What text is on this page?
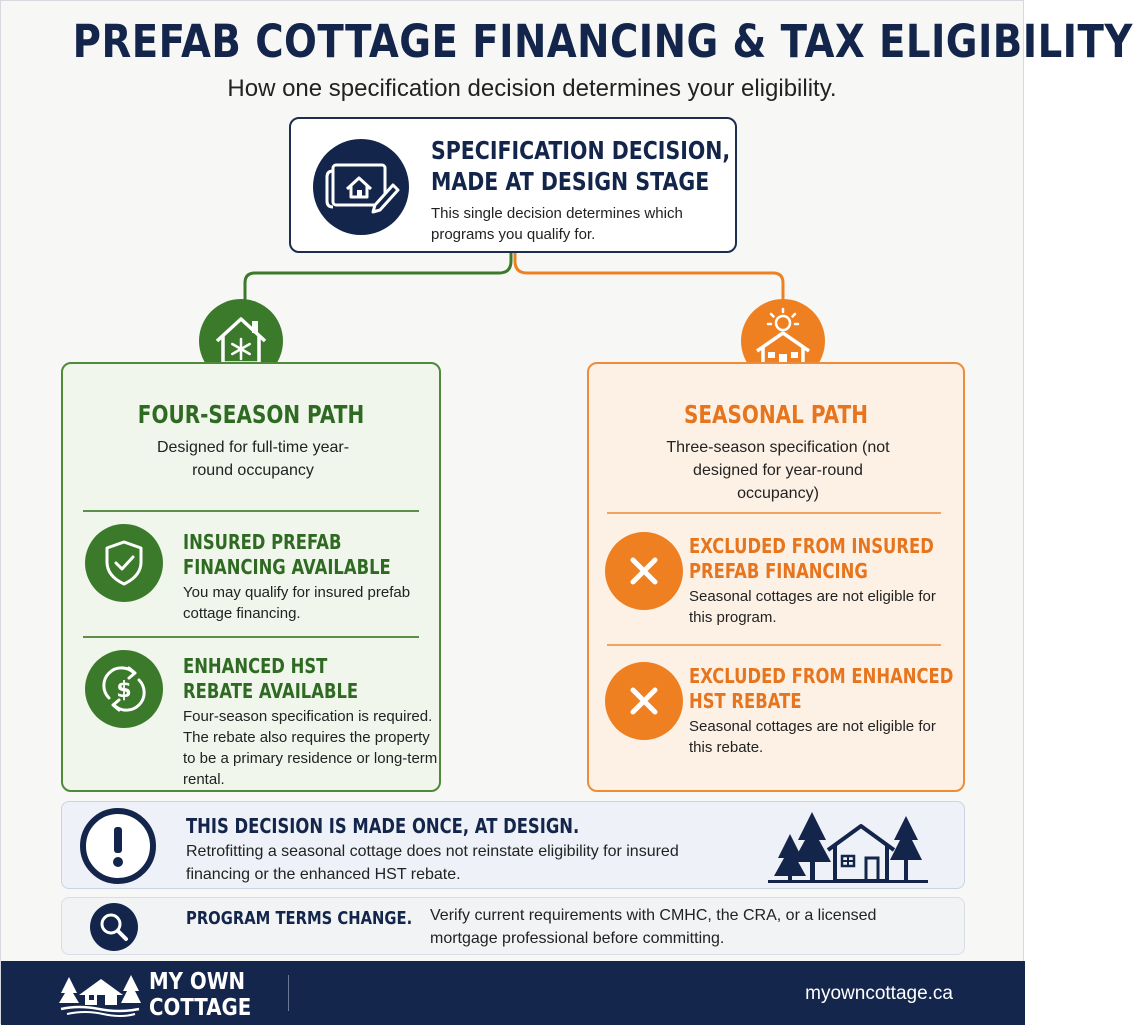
PREFAB COTTAGE FINANCING & TAX ELIGIBILITY
How one specification decision determines your eligibility.
SPECIFICATION DECISION,
MADE AT DESIGN STAGE
This single decision determines which programs you qualify for.
FOUR-SEASON PATH
Designed for full-time year-round occupancy
INSURED PREFAB
FINANCING AVAILABLE
You may qualify for insured prefab cottage financing.
$
ENHANCED HST
REBATE AVAILABLE
Four-season specification is required. The rebate also requires the property to be a primary residence or long-term rental.
SEASONAL PATH
Three-season specification (not designed for year-round occupancy)
EXCLUDED FROM INSURED
PREFAB FINANCING
Seasonal cottages are not eligible for this program.
EXCLUDED FROM ENHANCED
HST REBATE
Seasonal cottages are not eligible for this rebate.
THIS DECISION IS MADE ONCE, AT DESIGN.
Retrofitting a seasonal cottage does not reinstate eligibility for insured financing or the enhanced HST rebate.
PROGRAM TERMS CHANGE. Verify current requirements with CMHC, the CRA, or a licensed mortgage professional before committing.
MY OWN
COTTAGE
myowncottage.ca
